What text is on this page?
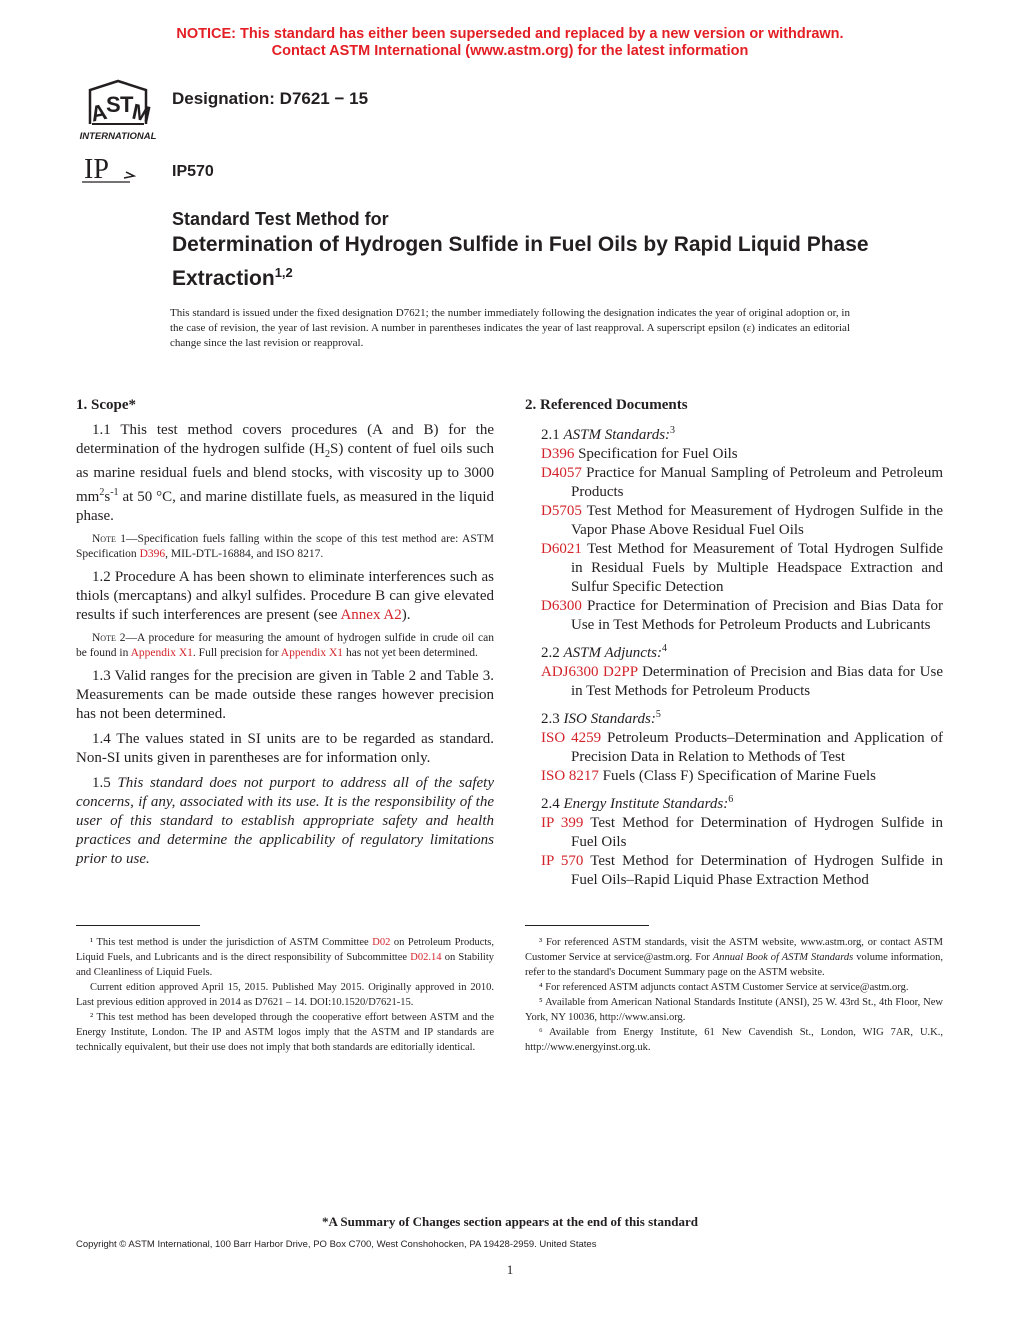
NOTICE: This standard has either been superseded and replaced by a new version or withdrawn.
Contact ASTM International (www.astm.org) for the latest information
A
S T
M
INTERNATIONAL
IP
Designation: D7621 − 15
IP570
Standard Test Method for
Determination of Hydrogen Sulfide in Fuel Oils by Rapid Liquid Phase Extraction$^{1,2}$
This standard is issued under the fixed designation D7621; the number immediately following the designation indicates the year of original adoption or, in the case of revision, the year of last revision. A number in parentheses indicates the year of last reapproval. A superscript epsilon (ε) indicates an editorial change since the last revision or reapproval.
1. Scope*
1.1 This test method covers procedures (A and B) for the determination of the hydrogen sulfide $(H_2S)$ content of fuel oils such as marine residual fuels and blend stocks, with viscosity up to 3000 $mm^2s^{-1}$ at 50 °C, and marine distillate fuels, as measured in the liquid phase.
Note 1—Specification fuels falling within the scope of this test method are: ASTM Specification D396, MIL-DTL-16884, and ISO 8217.
1.2 Procedure A has been shown to eliminate interferences such as thiols (mercaptans) and alkyl sulfides. Procedure B can give elevated results if such interferences are present (see Annex A2).
Note 2—A procedure for measuring the amount of hydrogen sulfide in crude oil can be found in Appendix X1. Full precision for Appendix X1 has not yet been determined.
1.3 Valid ranges for the precision are given in Table 2 and Table 3. Measurements can be made outside these ranges however precision has not been determined.
1.4 The values stated in SI units are to be regarded as standard. Non-SI units given in parentheses are for information only.
1.5 This standard does not purport to address all of the safety concerns, if any, associated with its use. It is the responsibility of the user of this standard to establish appropriate safety and health practices and determine the applicability of regulatory limitations prior to use.
2. Referenced Documents
2.1 ASTM Standards:$^3$
D396 Specification for Fuel Oils
D4057 Practice for Manual Sampling of Petroleum and Petroleum Products
D5705 Test Method for Measurement of Hydrogen Sulfide in the Vapor Phase Above Residual Fuel Oils
D6021 Test Method for Measurement of Total Hydrogen Sulfide in Residual Fuels by Multiple Headspace Extraction and Sulfur Specific Detection
D6300 Practice for Determination of Precision and Bias Data for Use in Test Methods for Petroleum Products and Lubricants
2.2 ASTM Adjuncts:$^4$
ADJ6300 D2PP Determination of Precision and Bias data for Use in Test Methods for Petroleum Products
2.3 ISO Standards:$^5$
ISO 4259 Petroleum Products–Determination and Application of Precision Data in Relation to Methods of Test
ISO 8217 Fuels (Class F) Specification of Marine Fuels
2.4 Energy Institute Standards:$^6$
IP 399 Test Method for Determination of Hydrogen Sulfide in Fuel Oils
IP 570 Test Method for Determination of Hydrogen Sulfide in Fuel Oils–Rapid Liquid Phase Extraction Method
¹ This test method is under the jurisdiction of ASTM Committee D02 on Petroleum Products, Liquid Fuels, and Lubricants and is the direct responsibility of Subcommittee D02.14 on Stability and Cleanliness of Liquid Fuels.
Current edition approved April 15, 2015. Published May 2015. Originally approved in 2010. Last previous edition approved in 2014 as D7621 – 14. DOI:10.1520/D7621-15.
² This test method has been developed through the cooperative effort between ASTM and the Energy Institute, London. The IP and ASTM logos imply that the ASTM and IP standards are technically equivalent, but their use does not imply that both standards are editorially identical.
³ For referenced ASTM standards, visit the ASTM website, www.astm.org, or contact ASTM Customer Service at service@astm.org. For Annual Book of ASTM Standards volume information, refer to the standard's Document Summary page on the ASTM website.
⁴ For referenced ASTM adjuncts contact ASTM Customer Service at service@astm.org.
⁵ Available from American National Standards Institute (ANSI), 25 W. 43rd St., 4th Floor, New York, NY 10036, http://www.ansi.org.
⁶ Available from Energy Institute, 61 New Cavendish St., London, WIG 7AR, U.K., http://www.energyinst.org.uk.
*A Summary of Changes section appears at the end of this standard
Copyright © ASTM International, 100 Barr Harbor Drive, PO Box C700, West Conshohocken, PA 19428-2959. United States
1
